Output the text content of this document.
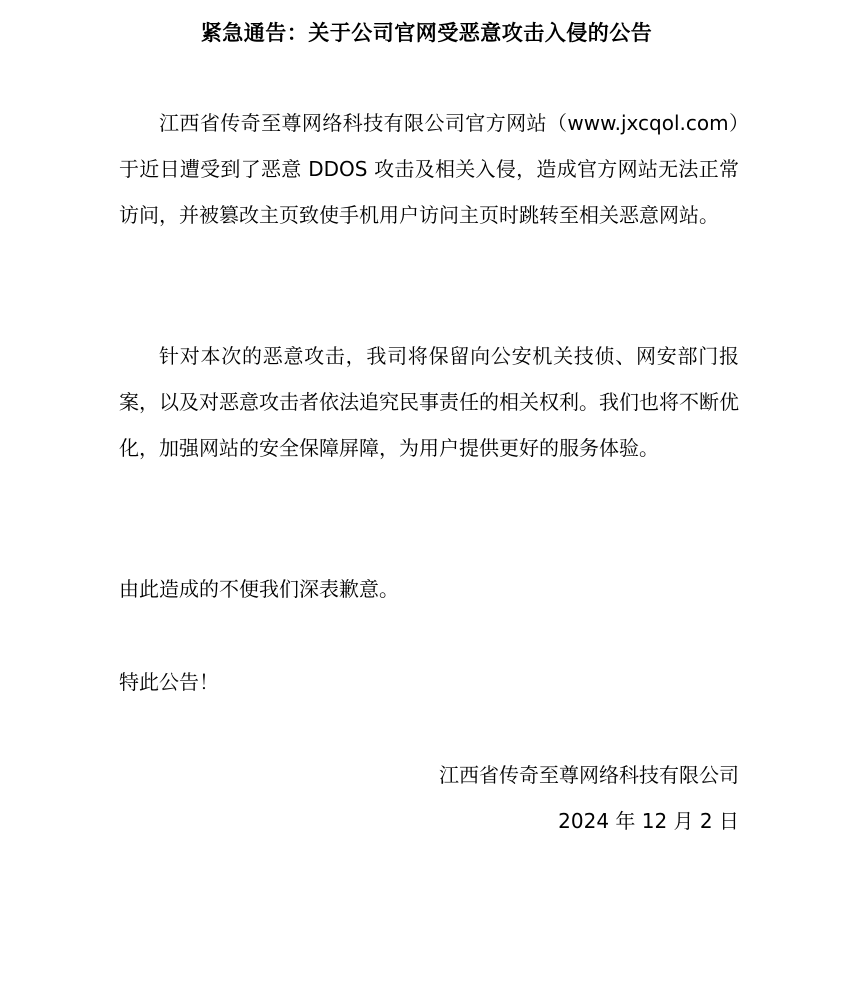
紧急通告：关于公司官网受恶意攻击入侵的公告
江西省传奇至尊网络科技有限公司官方网站（www.jxcqol.com）于近日遭受到了恶意 DDOS 攻击及相关入侵，造成官方网站无法正常访问，并被篡改主页致使手机用户访问主页时跳转至相关恶意网站。
针对本次的恶意攻击，我司将保留向公安机关技侦、网安部门报案，以及对恶意攻击者依法追究民事责任的相关权利。我们也将不断优化，加强网站的安全保障屏障，为用户提供更好的服务体验。
由此造成的不便我们深表歉意。
特此公告！
江西省传奇至尊网络科技有限公司
2024 年 12 月 2 日
